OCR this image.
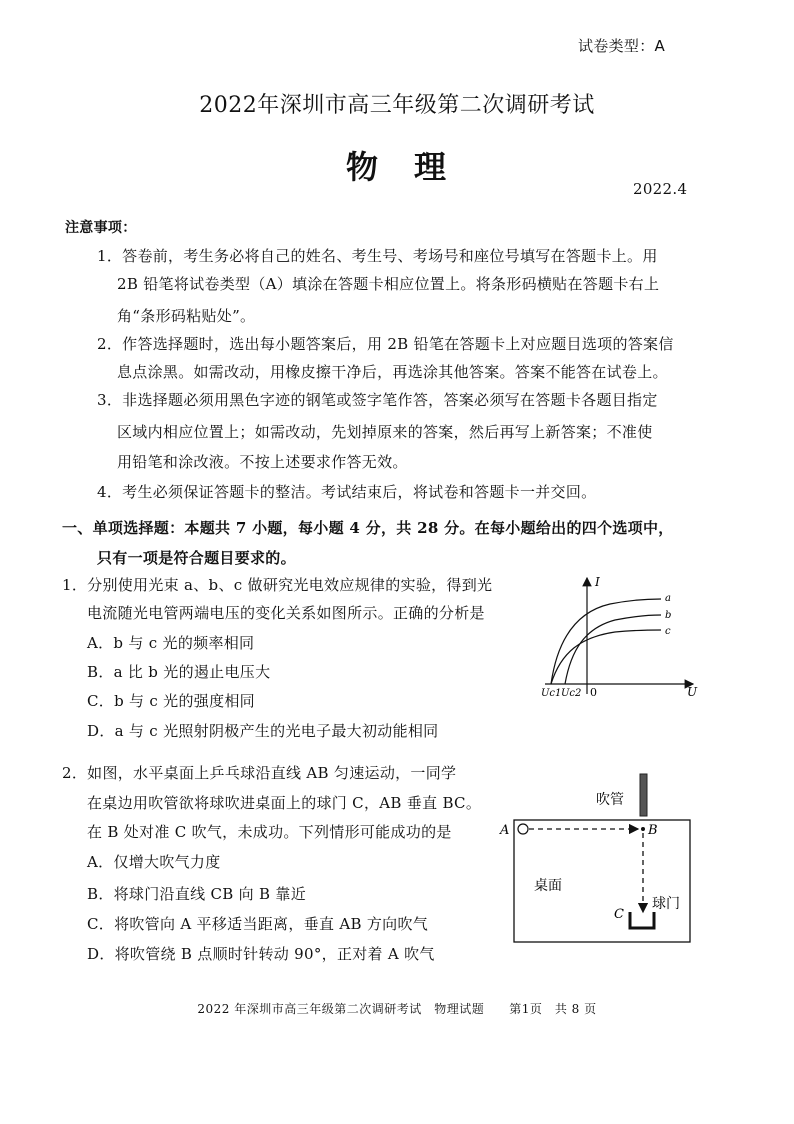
试卷类型：A
2022年深圳市高三年级第二次调研考试
物　理
2022.4
注意事项：
1．答卷前，考生务必将自己的姓名、考生号、考场号和座位号填写在答题卡上。用
2B 铅笔将试卷类型（A）填涂在答题卡相应位置上。将条形码横贴在答题卡右上
角“条形码粘贴处”。
2．作答选择题时，选出每小题答案后，用 2B 铅笔在答题卡上对应题目选项的答案信
息点涂黑。如需改动，用橡皮擦干净后，再选涂其他答案。答案不能答在试卷上。
3．非选择题必须用黑色字迹的钢笔或签字笔作答，答案必须写在答题卡各题目指定
区域内相应位置上；如需改动，先划掉原来的答案，然后再写上新答案；不准使
用铅笔和涂改液。不按上述要求作答无效。
4．考生必须保证答题卡的整洁。考试结束后，将试卷和答题卡一并交回。
一、单项选择题：本题共 7 小题，每小题 4 分，共 28 分。在每小题给出的四个选项中，
只有一项是符合题目要求的。
1．分别使用光束 a、b、c 做研究光电效应规律的实验，得到光
电流随光电管两端电压的变化关系如图所示。正确的分析是
A．b 与 c 光的频率相同
B．a 比 b 光的遏止电压大
C．b 与 c 光的强度相同
D．a 与 c 光照射阴极产生的光电子最大初动能相同
I
U
0
Uc1 Uc2
a
b
c
2．如图，水平桌面上乒乓球沿直线 AB 匀速运动，一同学
在桌边用吹管欲将球吹进桌面上的球门 C，AB 垂直 BC。
在 B 处对准 C 吹气，未成功。下列情形可能成功的是
A．仅增大吹气力度
B．将球门沿直线 CB 向 B 靠近
C．将吹管向 A 平移适当距离，垂直 AB 方向吹气
D．将吹管绕 B 点顺时针转动 90°，正对着 A 吹气
吹管
A	B
C
桌面
球门
2022 年深圳市高三年级第二次调研考试　物理试题　　第1页　共 8 页
